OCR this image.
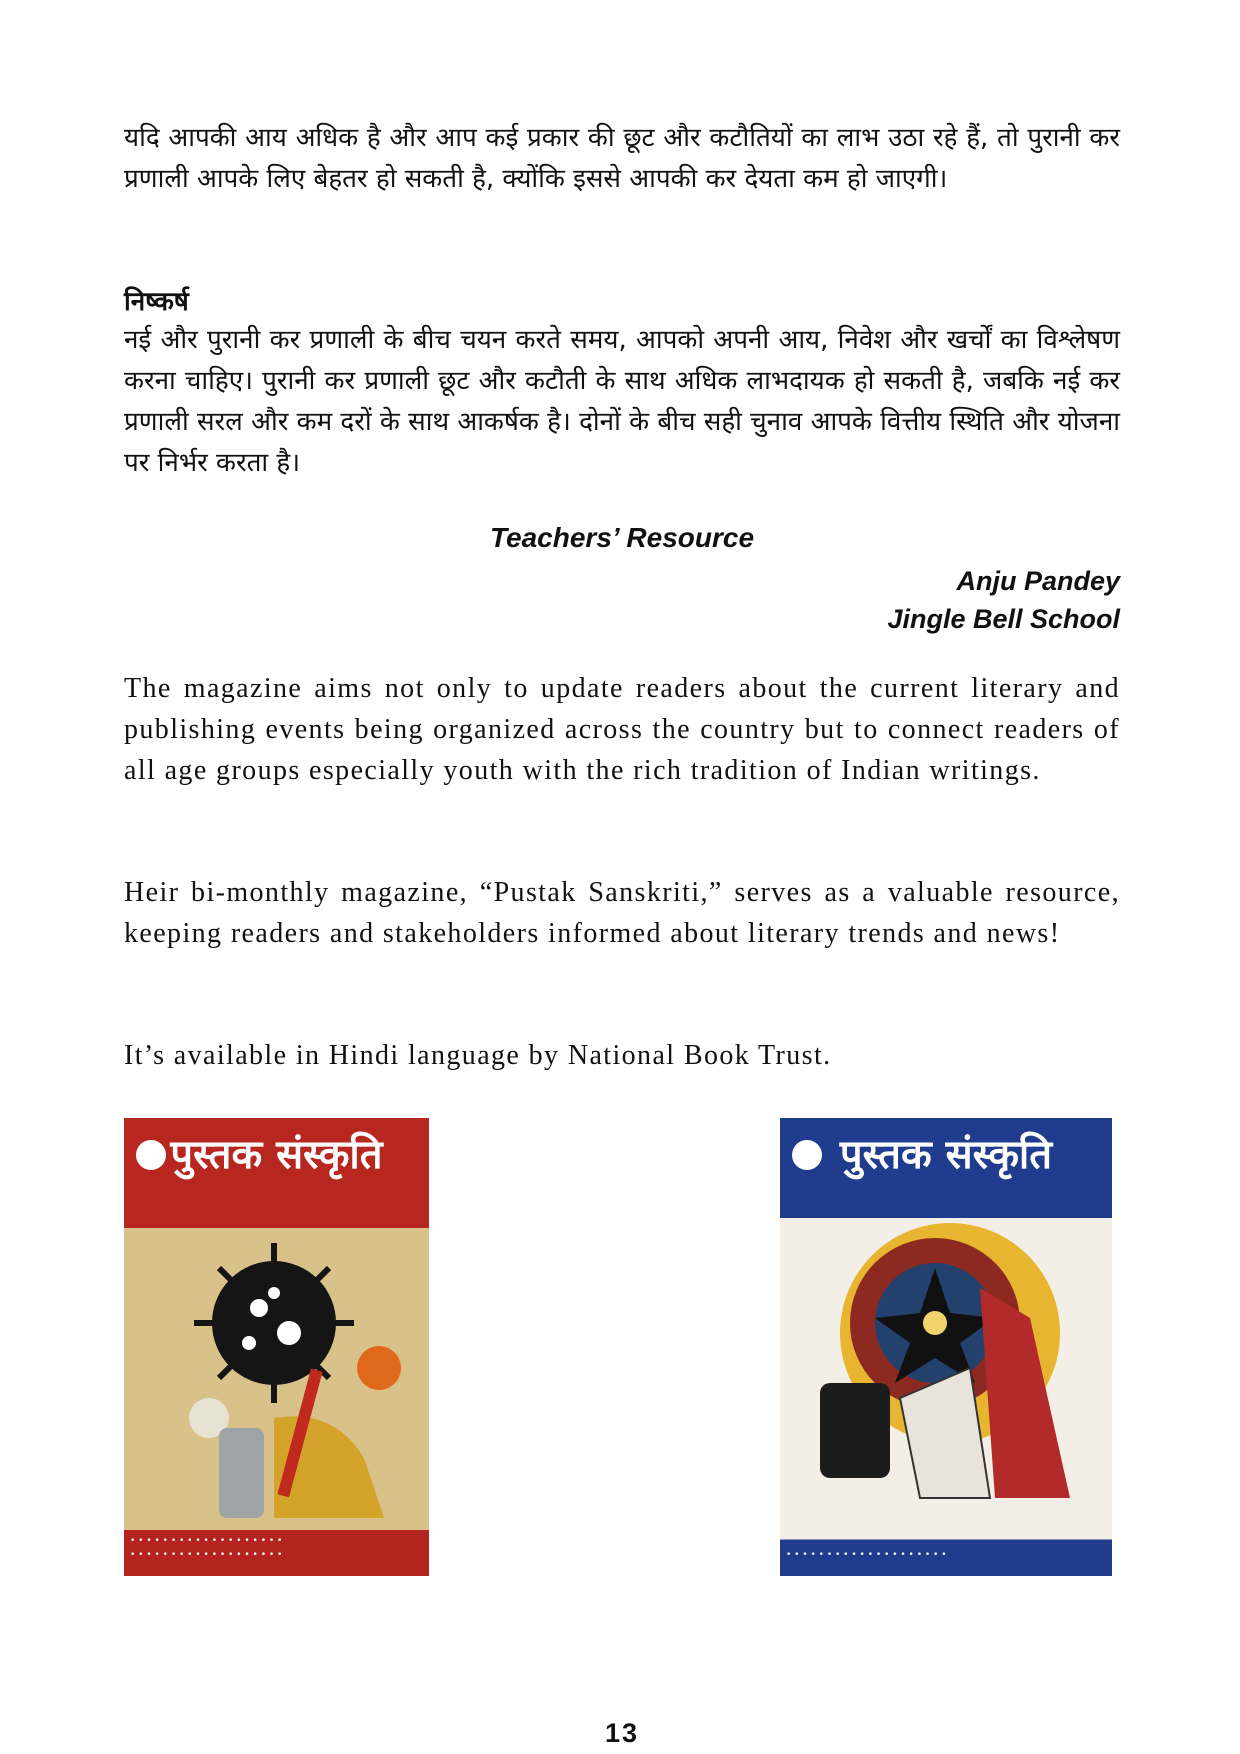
यदि आपकी आय अधिक है और आप कई प्रकार की छूट और कटौतियों का लाभ उठा रहे हैं, तो पुरानी कर प्रणाली आपके लिए बेहतर हो सकती है, क्योंकि इससे आपकी कर देयता कम हो जाएगी।

निष्कर्ष

नई और पुरानी कर प्रणाली के बीच चयन करते समय, आपको अपनी आय, निवेश और खर्चों का विश्लेषण करना चाहिए। पुरानी कर प्रणाली छूट और कटौती के साथ अधिक लाभदायक हो सकती है, जबकि नई कर प्रणाली सरल और कम दरों के साथ आकर्षक है। दोनों के बीच सही चुनाव आपके वित्तीय स्थिति और योजना पर निर्भर करता है।

Teachers’ Resource
Anju Pandey
Jingle Bell School

The magazine aims not only to update readers about the current literary and publishing events being organized across the country but to connect readers of all age groups especially youth with the rich tradition of Indian writings.

Heir bi-monthly magazine, “Pustak Sanskriti,” serves as a valuable resource, keeping readers and stakeholders informed about literary trends and news!

It’s available in Hindi language by National Book Trust.

पुस्तक संस्कृति
• • • • • • • • • • • • • • • • • • •
• • • • • • • • • • • • • • • • • • •
पुस्तक संस्कृति
• • • • • • • • • • • • • • • • • • • •
13
